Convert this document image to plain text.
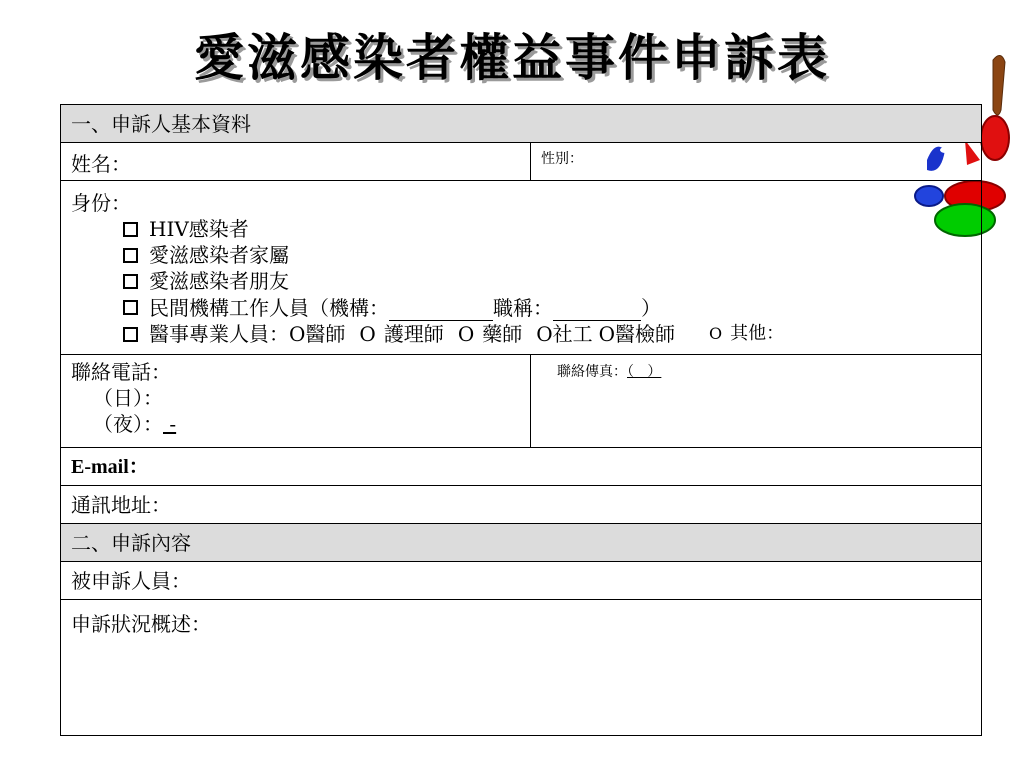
愛滋感染者權益事件申訴表
一、申訴人基本資料
姓名：	性別：
身份：
HIV感染者
愛滋感染者家屬
愛滋感染者朋友
民間機構工作人員（機構：
	職稱：
	）
醫事專業人員： O 醫師 O 護理師 O 藥師 O 社工 O 醫檢師 O 其他：
聯絡電話：
（日）：
（夜）： -
聯絡傳真：（   ）
E-mail：
通訊地址：
二、申訴內容
被申訴人員：
申訴狀況概述：
